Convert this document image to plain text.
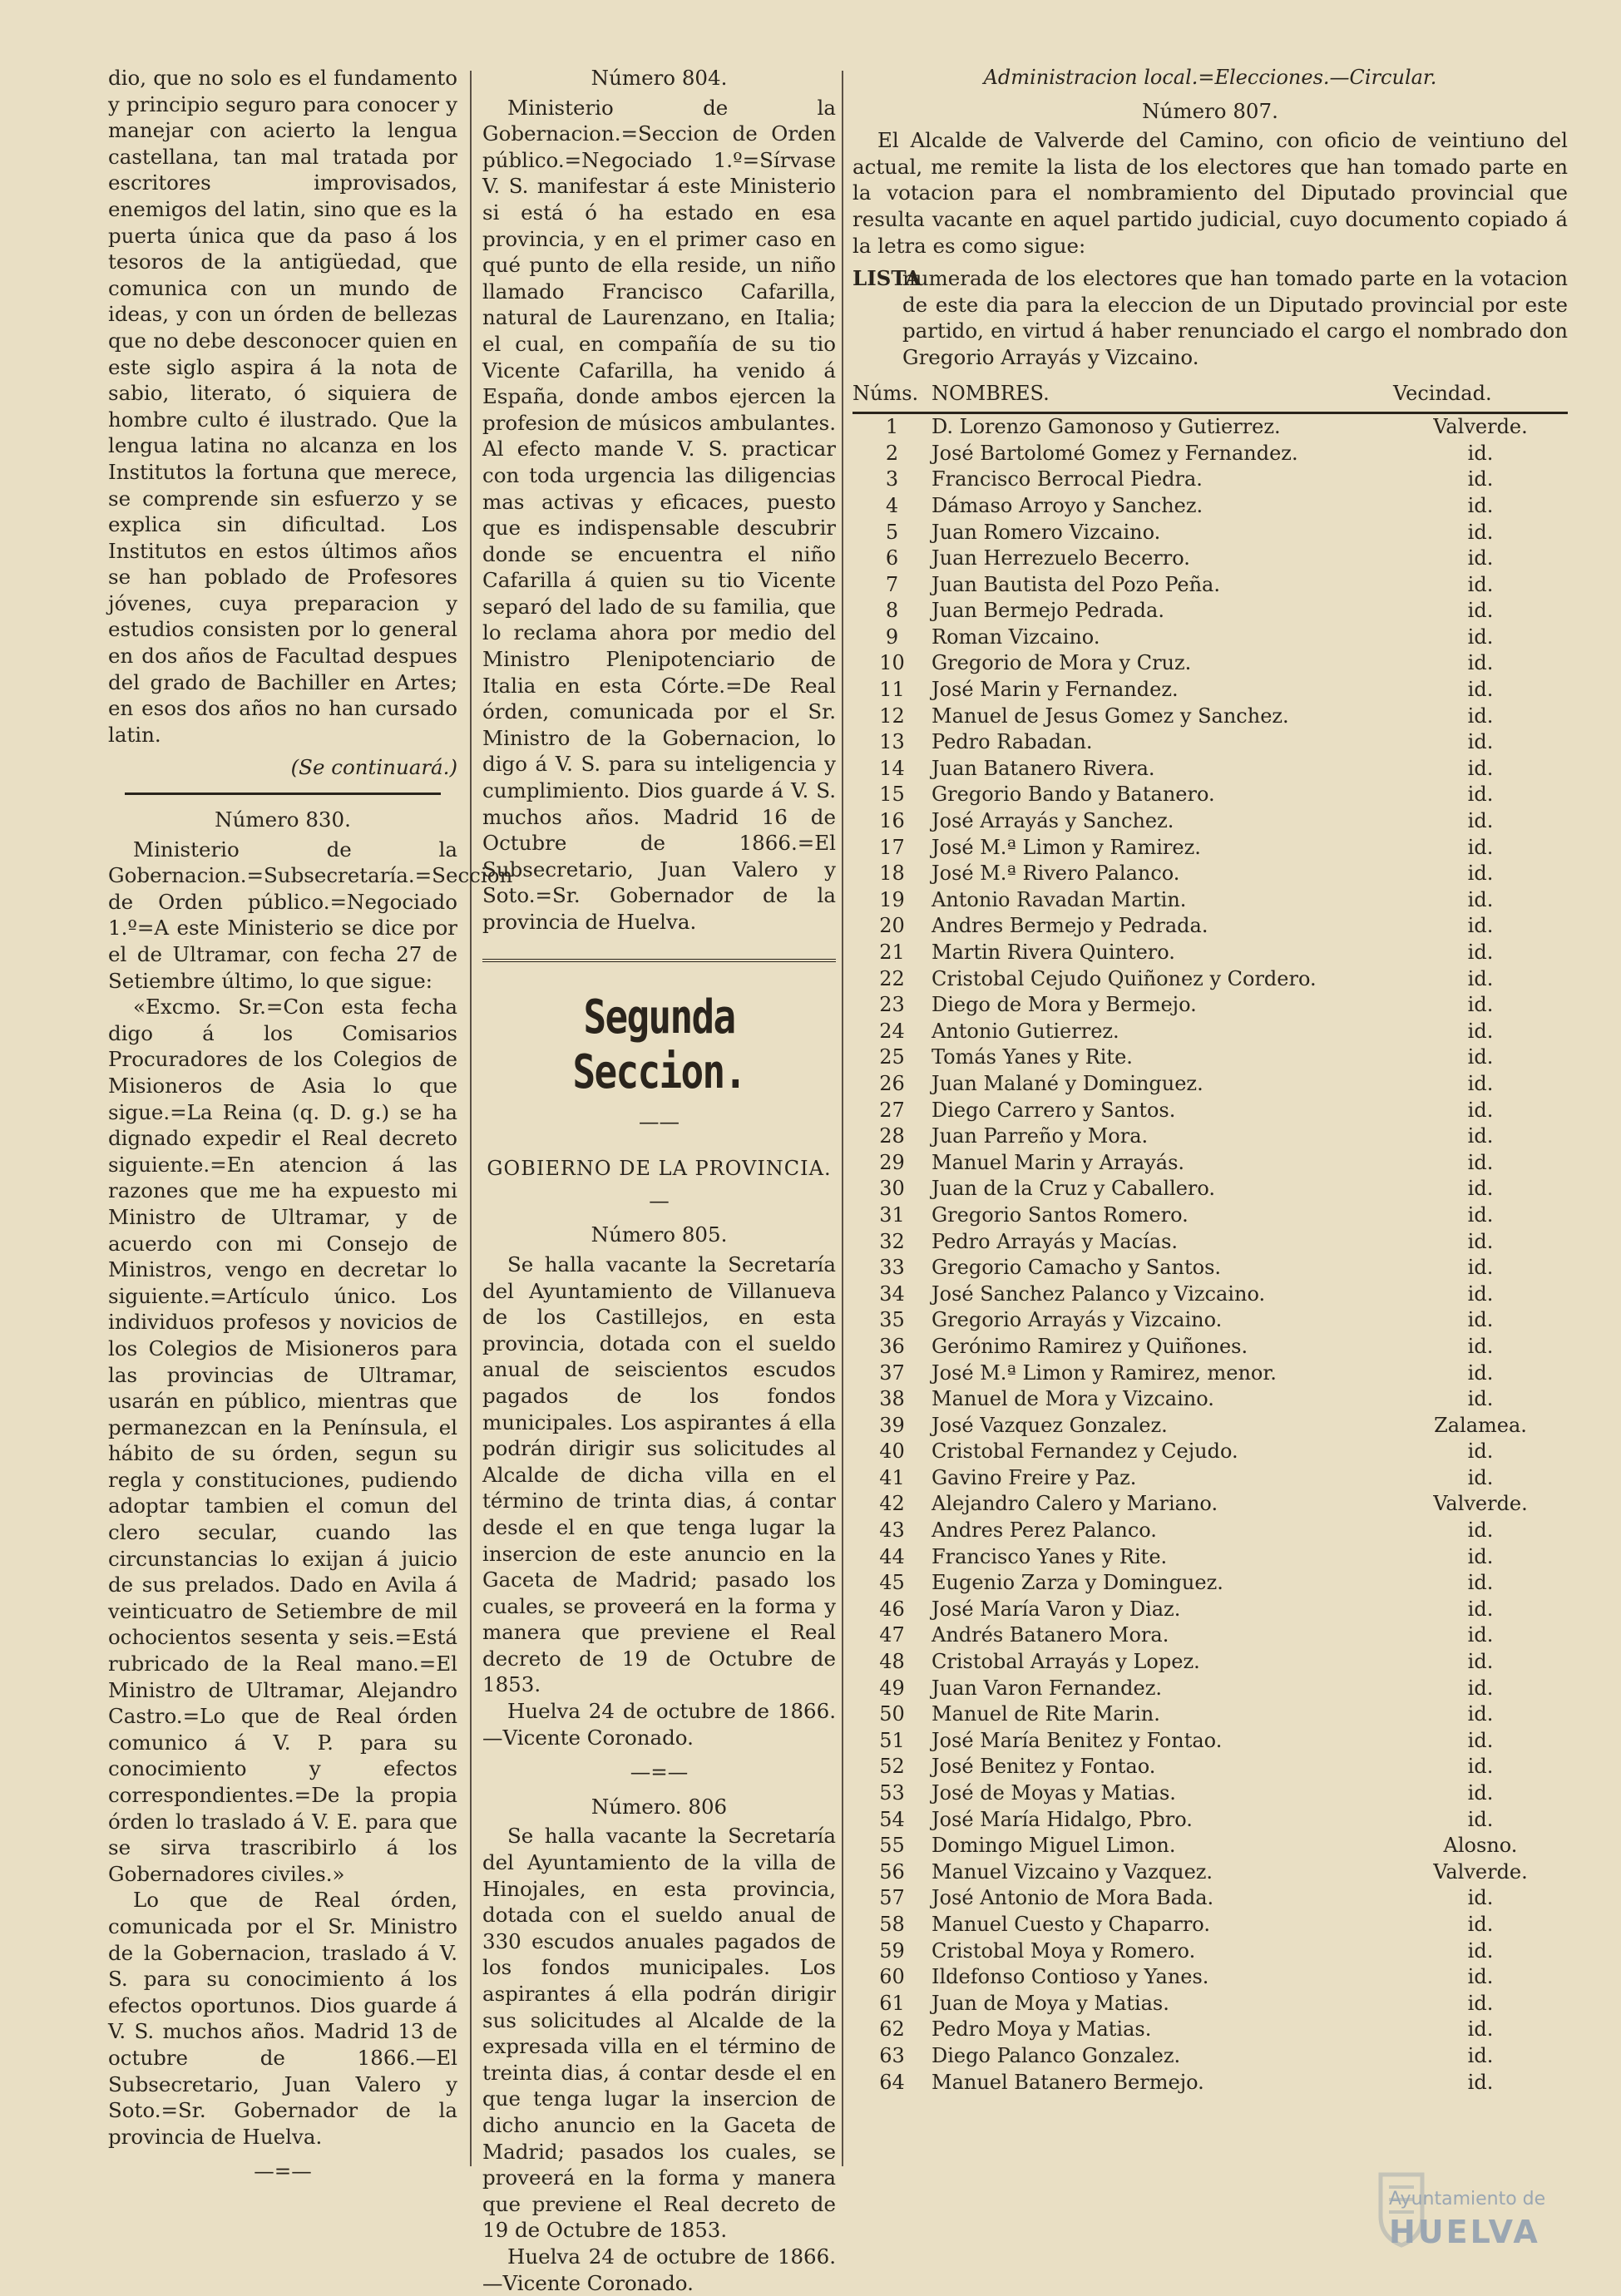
dio, que no solo es el fundamento y principio seguro para conocer y manejar con acierto la lengua castellana, tan mal tratada por escritores improvisados, enemigos del latin, sino que es la puerta única que da paso á los tesoros de la antigüedad, que comunica con un mundo de ideas, y con un órden de bellezas que no debe desconocer quien en este siglo aspira á la nota de sabio, literato, ó siquiera de hombre culto é ilustrado. Que la lengua latina no alcanza en los Institutos la fortuna que merece, se comprende sin esfuerzo y se explica sin dificultad. Los Institutos en estos últimos años se han poblado de Profesores jóvenes, cuya preparacion y estudios consisten por lo general en dos años de Facultad despues del grado de Bachiller en Artes; en esos dos años no han cursado latin.

(Se continuará.)
Número 830.

Ministerio de la Gobernacion.=Subsecretaría.=Seccion de Orden público.=Negociado 1.º=A este Ministerio se dice por el de Ultramar, con fecha 27 de Setiembre último, lo que sigue:

«Excmo. Sr.=Con esta fecha digo á los Comisarios Procuradores de los Colegios de Misioneros de Asia lo que sigue.=La Reina (q. D. g.) se ha dignado expedir el Real decreto siguiente.=En atencion á las razones que me ha expuesto mi Ministro de Ultramar, y de acuerdo con mi Consejo de Ministros, vengo en decretar lo siguiente.=Artículo único. Los individuos profesos y novicios de los Colegios de Misioneros para las provincias de Ultramar, usarán en público, mientras que permanezcan en la Península, el hábito de su órden, segun su regla y constituciones, pudiendo adoptar tambien el comun del clero secular, cuando las circunstancias lo exijan á juicio de sus prelados. Dado en Avila á veinticuatro de Setiembre de mil ochocientos sesenta y seis.=Está rubricado de la Real mano.=El Ministro de Ultramar, Alejandro Castro.=Lo que de Real órden comunico á V. P. para su conocimiento y efectos correspondientes.=De la propia órden lo traslado á V. E. para que se sirva trascribirlo á los Gobernadores civiles.»

Lo que de Real órden, comunicada por el Sr. Ministro de la Gobernacion, traslado á V. S. para su conocimiento á los efectos oportunos. Dios guarde á V. S. muchos años. Madrid 13 de octubre de 1866.—El Subsecretario, Juan Valero y Soto.=Sr. Gobernador de la provincia de Huelva.

—=—
Número 804.

Ministerio de la Gobernacion.=Seccion de Orden público.=Negociado 1.º=Sírvase V. S. manifestar á este Ministerio si está ó ha estado en esa provincia, y en el primer caso en qué punto de ella reside, un niño llamado Francisco Cafarilla, natural de Laurenzano, en Italia; el cual, en compañía de su tio Vicente Cafarilla, ha venido á España, donde ambos ejercen la profesion de músicos ambulantes. Al efecto mande V. S. practicar con toda urgencia las diligencias mas activas y eficaces, puesto que es indispensable descubrir donde se encuentra el niño Cafarilla á quien su tio Vicente separó del lado de su familia, que lo reclama ahora por medio del Ministro Plenipotenciario de Italia en esta Córte.=De Real órden, comunicada por el Sr. Ministro de la Gobernacion, lo digo á V. S. para su inteligencia y cumplimiento. Dios guarde á V. S. muchos años. Madrid 16 de Octubre de 1866.=El Subsecretario, Juan Valero y Soto.=Sr. Gobernador de la provincia de Huelva.

Segunda Seccion.
——
GOBIERNO DE LA PROVINCIA.
—
Número 805.

Se halla vacante la Secretaría del Ayuntamiento de Villanueva de los Castillejos, en esta provincia, dotada con el sueldo anual de seiscientos escudos pagados de los fondos municipales. Los aspirantes á ella podrán dirigir sus solicitudes al Alcalde de dicha villa en el término de trinta dias, á contar desde el en que tenga lugar la insercion de este anuncio en la Gaceta de Madrid; pasado los cuales, se proveerá en la forma y manera que previene el Real decreto de 19 de Octubre de 1853.

Huelva 24 de octubre de 1866.—Vicente Coronado.

—=—
Número. 806

Se halla vacante la Secretaría del Ayuntamiento de la villa de Hinojales, en esta provincia, dotada con el sueldo anual de 330 escudos anuales pagados de los fondos municipales. Los aspirantes á ella podrán dirigir sus solicitudes al Alcalde de la expresada villa en el término de treinta dias, á contar desde el en que tenga lugar la insercion de dicho anuncio en la Gaceta de Madrid; pasados los cuales, se proveerá en la forma y manera que previene el Real decreto de 19 de Octubre de 1853.

Huelva 24 de octubre de 1866.—Vicente Coronado.

Administracion local.=Elecciones.—Circular.
Número 807.

El Alcalde de Valverde del Camino, con oficio de veintiuno del actual, me remite la lista de los electores que han tomado parte en la votacion para el nombramiento del Diputado provincial que resulta vacante en aquel partido judicial, cuyo documento copiado á la letra es como sigue:

LISTA
numerada de los electores que han tomado parte en la votacion de este dia para la eleccion de un Diputado provincial por este partido, en virtud á haber renunciado el cargo el nombrado don Gregorio Arrayás y Vizcaino.
Núms.	NOMBRES.	Vecindad.
1	D. Lorenzo Gamonoso y Gutierrez.	Valverde.
2	José Bartolomé Gomez y Fernandez.	id.
3	Francisco Berrocal Piedra.	id.
4	Dámaso Arroyo y Sanchez.	id.
5	Juan Romero Vizcaino.	id.
6	Juan Herrezuelo Becerro.	id.
7	Juan Bautista del Pozo Peña.	id.
8	Juan Bermejo Pedrada.	id.
9	Roman Vizcaino.	id.
10	Gregorio de Mora y Cruz.	id.
11	José Marin y Fernandez.	id.
12	Manuel de Jesus Gomez y Sanchez.	id.
13	Pedro Rabadan.	id.
14	Juan Batanero Rivera.	id.
15	Gregorio Bando y Batanero.	id.
16	José Arrayás y Sanchez.	id.
17	José M.ª Limon y Ramirez.	id.
18	José M.ª Rivero Palanco.	id.
19	Antonio Ravadan Martin.	id.
20	Andres Bermejo y Pedrada.	id.
21	Martin Rivera Quintero.	id.
22	Cristobal Cejudo Quiñonez y Cordero.	id.
23	Diego de Mora y Bermejo.	id.
24	Antonio Gutierrez.	id.
25	Tomás Yanes y Rite.	id.
26	Juan Malané y Dominguez.	id.
27	Diego Carrero y Santos.	id.
28	Juan Parreño y Mora.	id.
29	Manuel Marin y Arrayás.	id.
30	Juan de la Cruz y Caballero.	id.
31	Gregorio Santos Romero.	id.
32	Pedro Arrayás y Macías.	id.
33	Gregorio Camacho y Santos.	id.
34	José Sanchez Palanco y Vizcaino.	id.
35	Gregorio Arrayás y Vizcaino.	id.
36	Gerónimo Ramirez y Quiñones.	id.
37	José M.ª Limon y Ramirez, menor.	id.
38	Manuel de Mora y Vizcaino.	id.
39	José Vazquez Gonzalez.	Zalamea.
40	Cristobal Fernandez y Cejudo.	id.
41	Gavino Freire y Paz.	id.
42	Alejandro Calero y Mariano.	Valverde.
43	Andres Perez Palanco.	id.
44	Francisco Yanes y Rite.	id.
45	Eugenio Zarza y Dominguez.	id.
46	José María Varon y Diaz.	id.
47	Andrés Batanero Mora.	id.
48	Cristobal Arrayás y Lopez.	id.
49	Juan Varon Fernandez.	id.
50	Manuel de Rite Marin.	id.
51	José María Benitez y Fontao.	id.
52	José Benitez y Fontao.	id.
53	José de Moyas y Matias.	id.
54	José María Hidalgo, Pbro.	id.
55	Domingo Miguel Limon.	Alosno.
56	Manuel Vizcaino y Vazquez.	Valverde.
57	José Antonio de Mora Bada.	id.
58	Manuel Cuesto y Chaparro.	id.
59	Cristobal Moya y Romero.	id.
60	Ildefonso Contioso y Yanes.	id.
61	Juan de Moya y Matias.	id.
62	Pedro Moya y Matias.	id.
63	Diego Palanco Gonzalez.	id.
64	Manuel Batanero Bermejo.	id.
Ayuntamiento de
HUELVA
